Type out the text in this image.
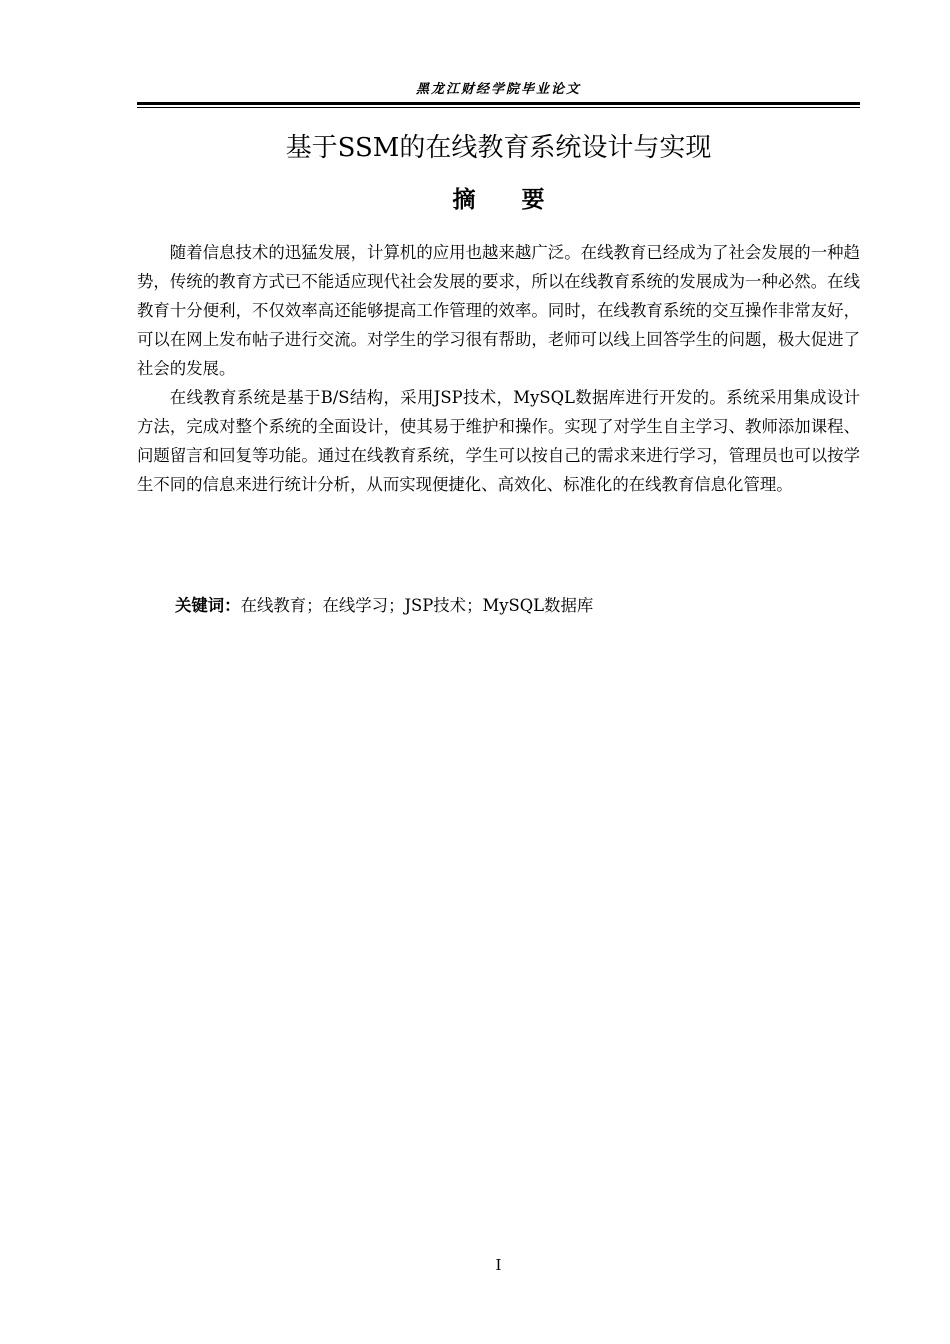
黑龙江财经学院毕业论文
基于SSM的在线教育系统设计与实现
摘要

随着信息技术的迅猛发展，计算机的应用也越来越广泛。在线教育已经成为了社会发展的一种趋势，传统的教育方式已不能适应现代社会发展的要求，所以在线教育系统的发展成为一种必然。在线教育十分便利，不仅效率高还能够提高工作管理的效率。同时，在线教育系统的交互操作非常友好，可以在网上发布帖子进行交流。对学生的学习很有帮助，老师可以线上回答学生的问题，极大促进了社会的发展。

在线教育系统是基于B/S结构，采用JSP技术，MySQL数据库进行开发的。系统采用集成设计方法，完成对整个系统的全面设计，使其易于维护和操作。实现了对学生自主学习、教师添加课程、问题留言和回复等功能。通过在线教育系统，学生可以按自己的需求来进行学习，管理员也可以按学生不同的信息来进行统计分析，从而实现便捷化、高效化、标准化的在线教育信息化管理。

关键词：在线教育；在线学习；JSP技术；MySQL数据库
I
